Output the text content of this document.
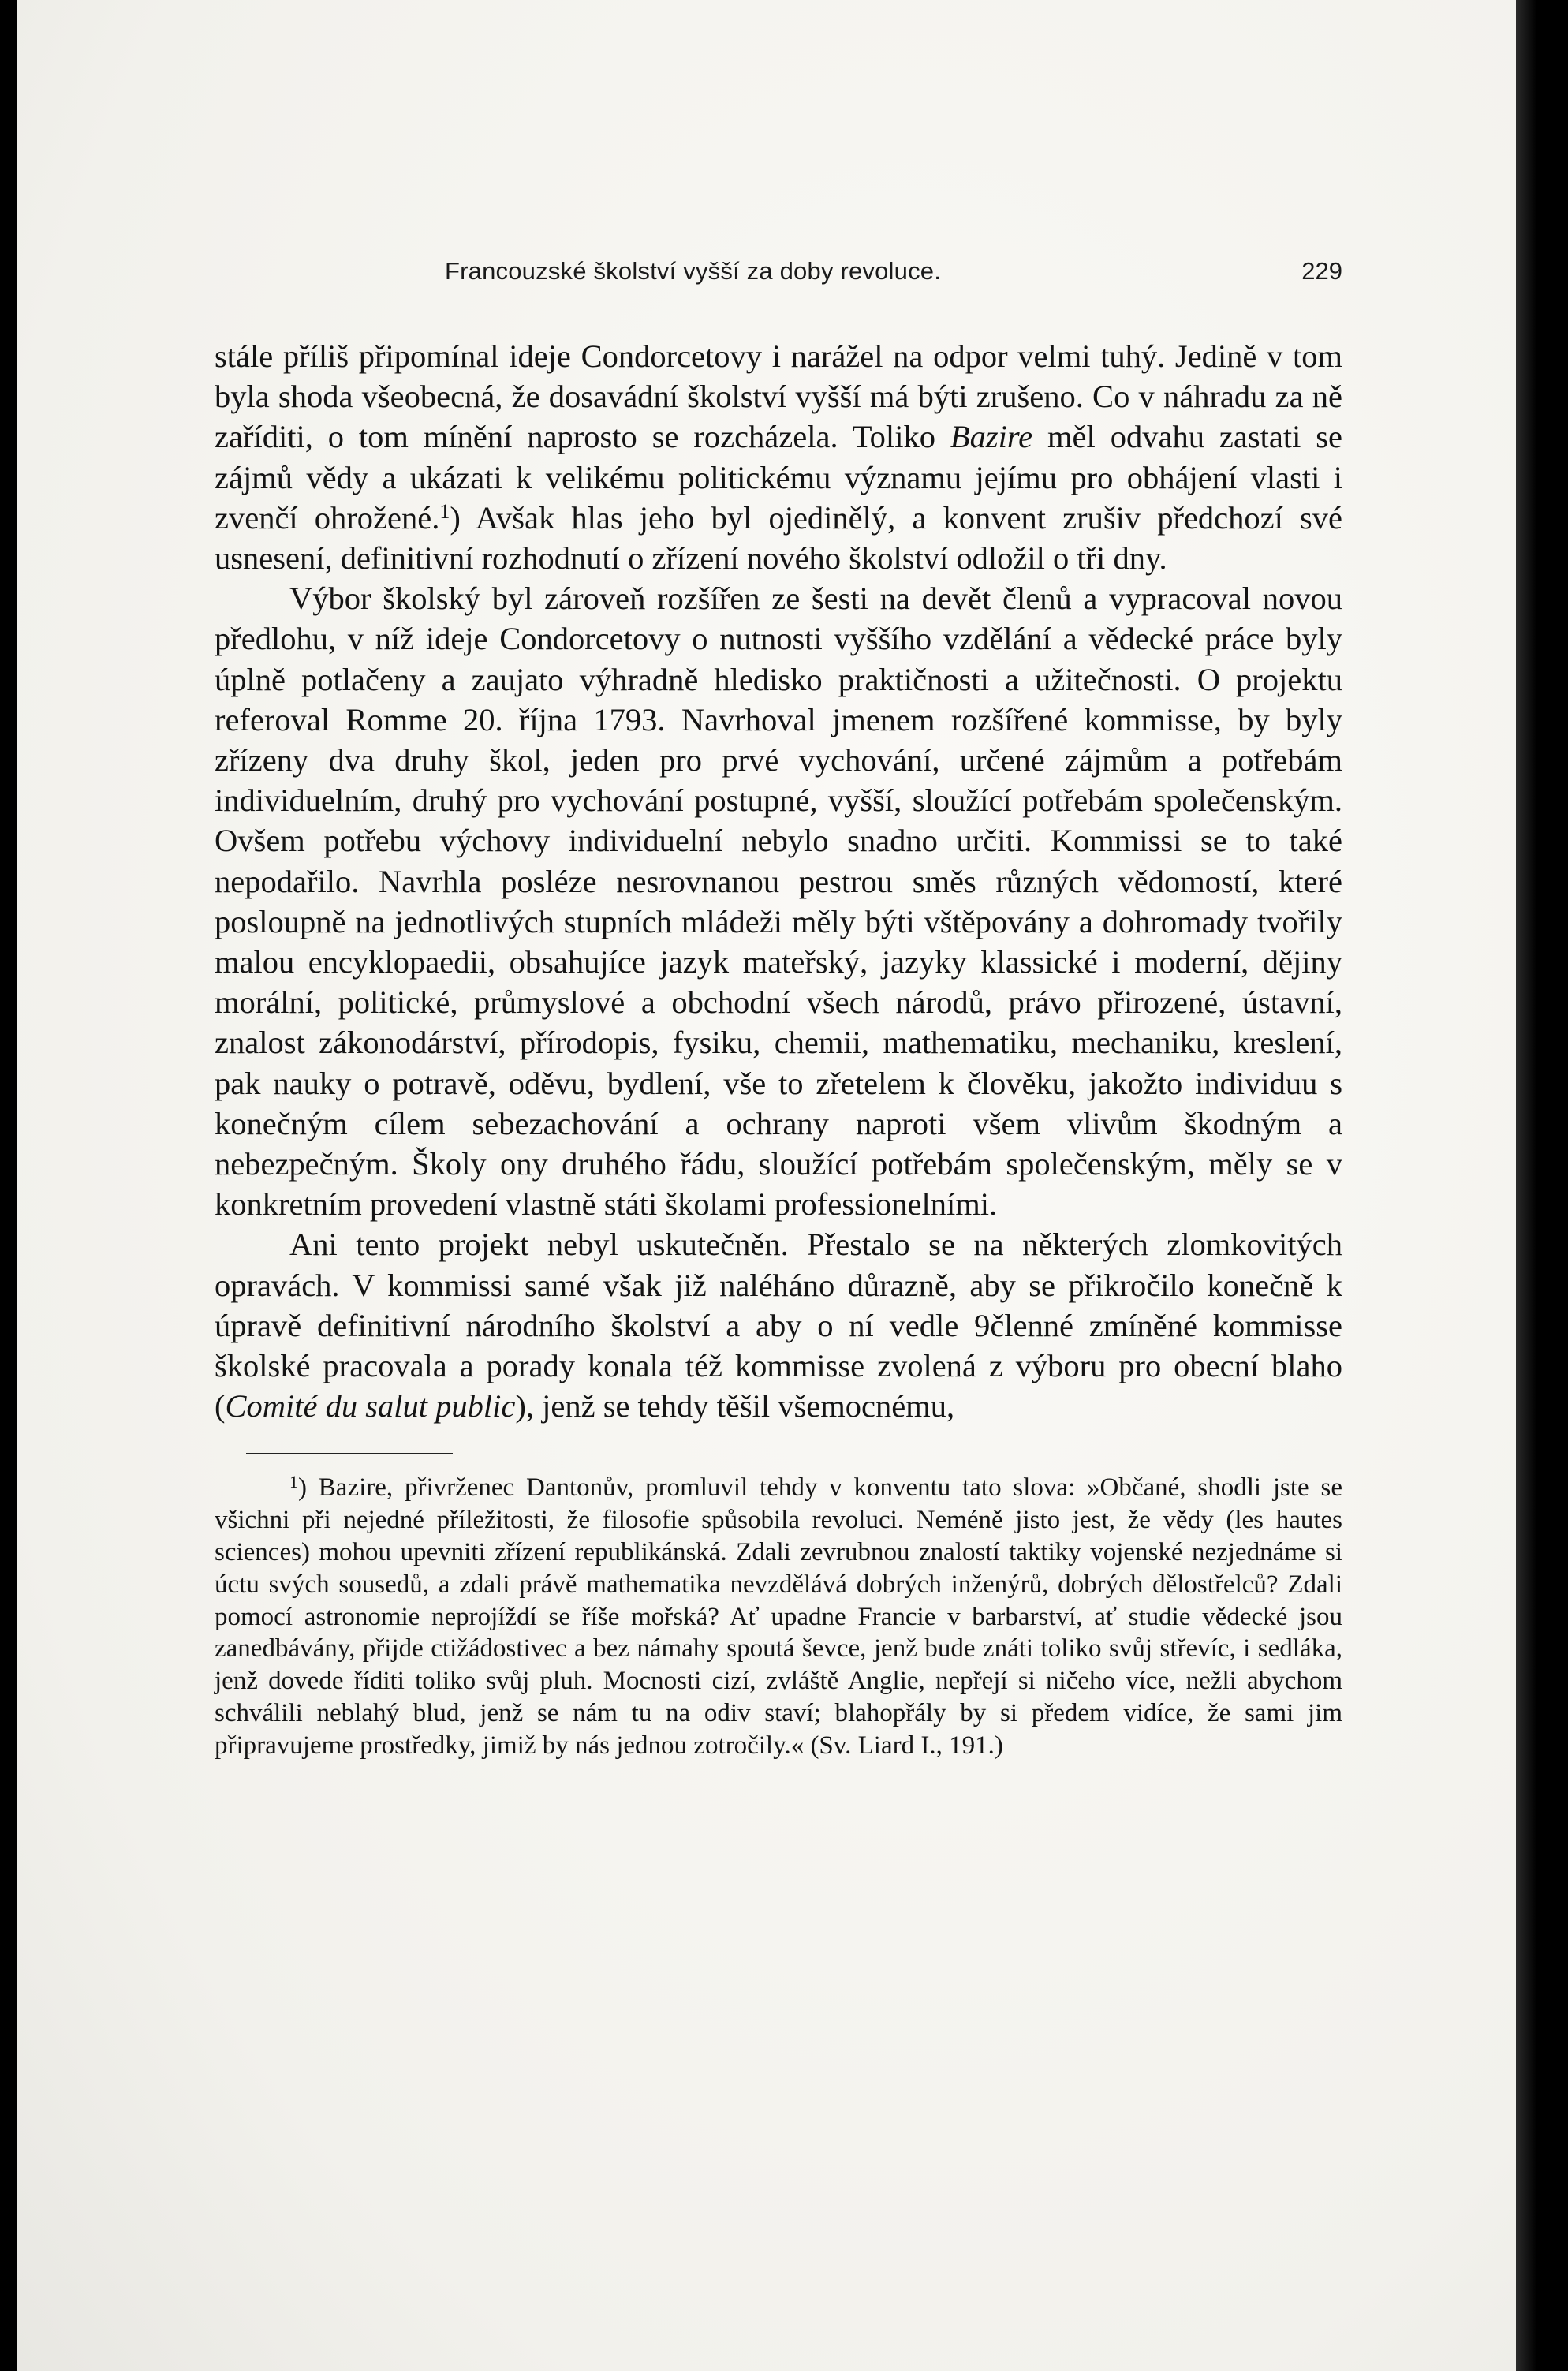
Francouzské školství vyšší za doby revoluce.	229

stále příliš připomínal ideje Condorcetovy i narážel na odpor velmi tuhý. Jedině v tom byla shoda všeobecná, že dosavádní školství vyšší má býti zrušeno. Co v náhradu za ně zaříditi, o tom mínění naprosto se rozcházela. Toliko Bazire měl odvahu zastati se zájmů vědy a ukázati k velikému politickému významu jejímu pro obhájení vlasti i zvenčí ohrožené.$^1$) Avšak hlas jeho byl ojedinělý, a konvent zrušiv předchozí své usnesení, definitivní rozhodnutí o zřízení nového školství odložil o tři dny.

Výbor školský byl zároveň rozšířen ze šesti na devět členů a vypracoval novou předlohu, v níž ideje Condorcetovy o nutnosti vyššího vzdělání a vědecké práce byly úplně potlačeny a zaujato výhradně hledisko praktičnosti a užitečnosti. O projektu referoval Romme 20. října 1793. Navrhoval jmenem rozšířené kommisse, by byly zřízeny dva druhy škol, jeden pro prvé vychování, určené zájmům a potřebám individuelním, druhý pro vychování postupné, vyšší, sloužící potřebám společenským. Ovšem potřebu výchovy individuelní nebylo snadno určiti. Kommissi se to také nepodařilo. Navrhla posléze nesrovnanou pestrou směs různých vědomostí, které posloupně na jednotlivých stupních mládeži měly býti vštěpovány a dohromady tvořily malou encyklopaedii, obsahujíce jazyk mateřský, jazyky klassické i moderní, dějiny morální, politické, průmyslové a obchodní všech národů, právo přirozené, ústavní, znalost zákonodárství, přírodopis, fysiku, chemii, mathematiku, mechaniku, kreslení, pak nauky o potravě, oděvu, bydlení, vše to zřetelem k člověku, jakožto individuu s konečným cílem sebezachování a ochrany naproti všem vlivům škodným a nebezpečným. Školy ony druhého řádu, sloužící potřebám společenským, měly se v konkretním provedení vlastně státi školami professionelními.

Ani tento projekt nebyl uskutečněn. Přestalo se na některých zlomkovitých opravách. V kommissi samé však již naléháno důrazně, aby se přikročilo konečně k úpravě definitivní národního školství a aby o ní vedle 9členné zmíněné kommisse školské pracovala a porady konala též kommisse zvolená z výboru pro obecní blaho (Comité du salut public), jenž se tehdy těšil všemocnému,

$^1$) Bazire, přivrženec Dantonův, promluvil tehdy v konventu tato slova: »Občané, shodli jste se všichni při nejedné příležitosti, že filosofie spůsobila revoluci. Neméně jisto jest, že vědy (les hautes sciences) mohou upevniti zřízení republikánská. Zdali zevrubnou znalostí taktiky vojenské nezjednáme si úctu svých sousedů, a zdali právě mathematika nevzdělává dobrých inženýrů, dobrých dělostřelců? Zdali pomocí astronomie neprojíždí se říše mořská? Ať upadne Francie v barbarství, ať studie vědecké jsou zanedbávány, přijde ctižádostivec a bez námahy spoutá ševce, jenž bude znáti toliko svůj střevíc, i sedláka, jenž dovede říditi toliko svůj pluh. Mocnosti cizí, zvláště Anglie, nepřejí si ničeho více, nežli abychom schválili neblahý blud, jenž se nám tu na odiv staví; blahopřály by si předem vidíce, že sami jim připravujeme prostředky, jimiž by nás jednou zotročily.« (Sv. Liard I., 191.)
